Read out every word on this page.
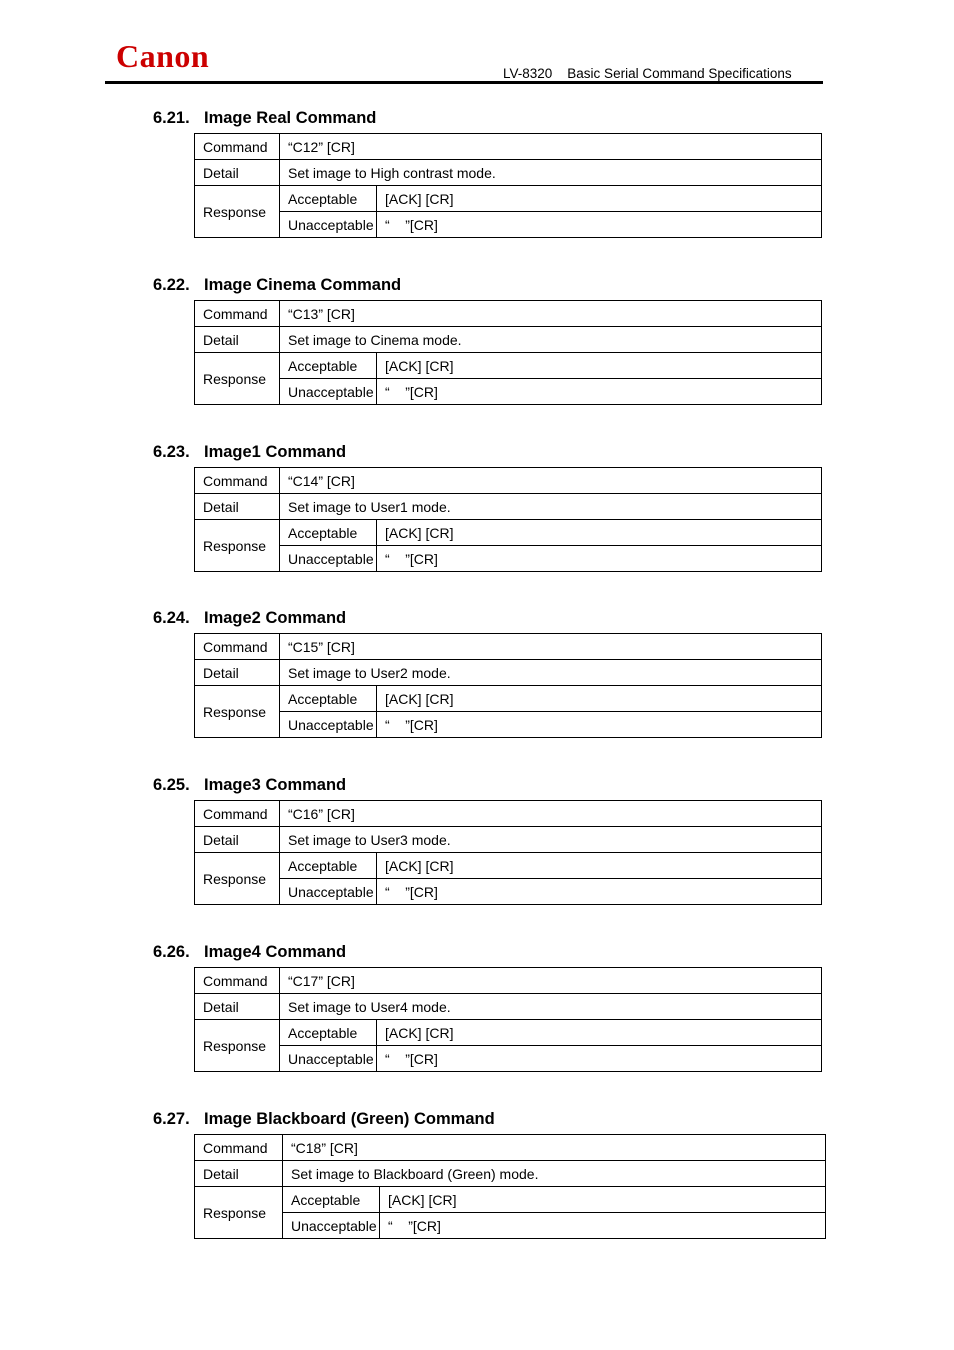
Canon	LV-8320    Basic Serial Command Specifications
6.21. Image Real Command
Command	“C12” [CR]	
Detail	Set image to High contrast mode.	
Response	Acceptable	[ACK] [CR]
	Unacceptable	“    ”[CR]
6.22. Image Cinema Command
Command	“C13” [CR]	
Detail	Set image to Cinema mode.	
Response	Acceptable	[ACK] [CR]
	Unacceptable	“    ”[CR]
6.23. Image1 Command
Command	“C14” [CR]	
Detail	Set image to User1 mode.	
Response	Acceptable	[ACK] [CR]
	Unacceptable	“    ”[CR]
6.24. Image2 Command
Command	“C15” [CR]	
Detail	Set image to User2 mode.	
Response	Acceptable	[ACK] [CR]
	Unacceptable	“    ”[CR]
6.25. Image3 Command
Command	“C16” [CR]	
Detail	Set image to User3 mode.	
Response	Acceptable	[ACK] [CR]
	Unacceptable	“    ”[CR]
6.26. Image4 Command
Command	“C17” [CR]	
Detail	Set image to User4 mode.	
Response	Acceptable	[ACK] [CR]
	Unacceptable	“    ”[CR]
6.27. Image Blackboard (Green) Command
Command	“C18” [CR]	
Detail	Set image to Blackboard (Green) mode.	
Response	Acceptable	[ACK] [CR]
	Unacceptable	“    ”[CR]
